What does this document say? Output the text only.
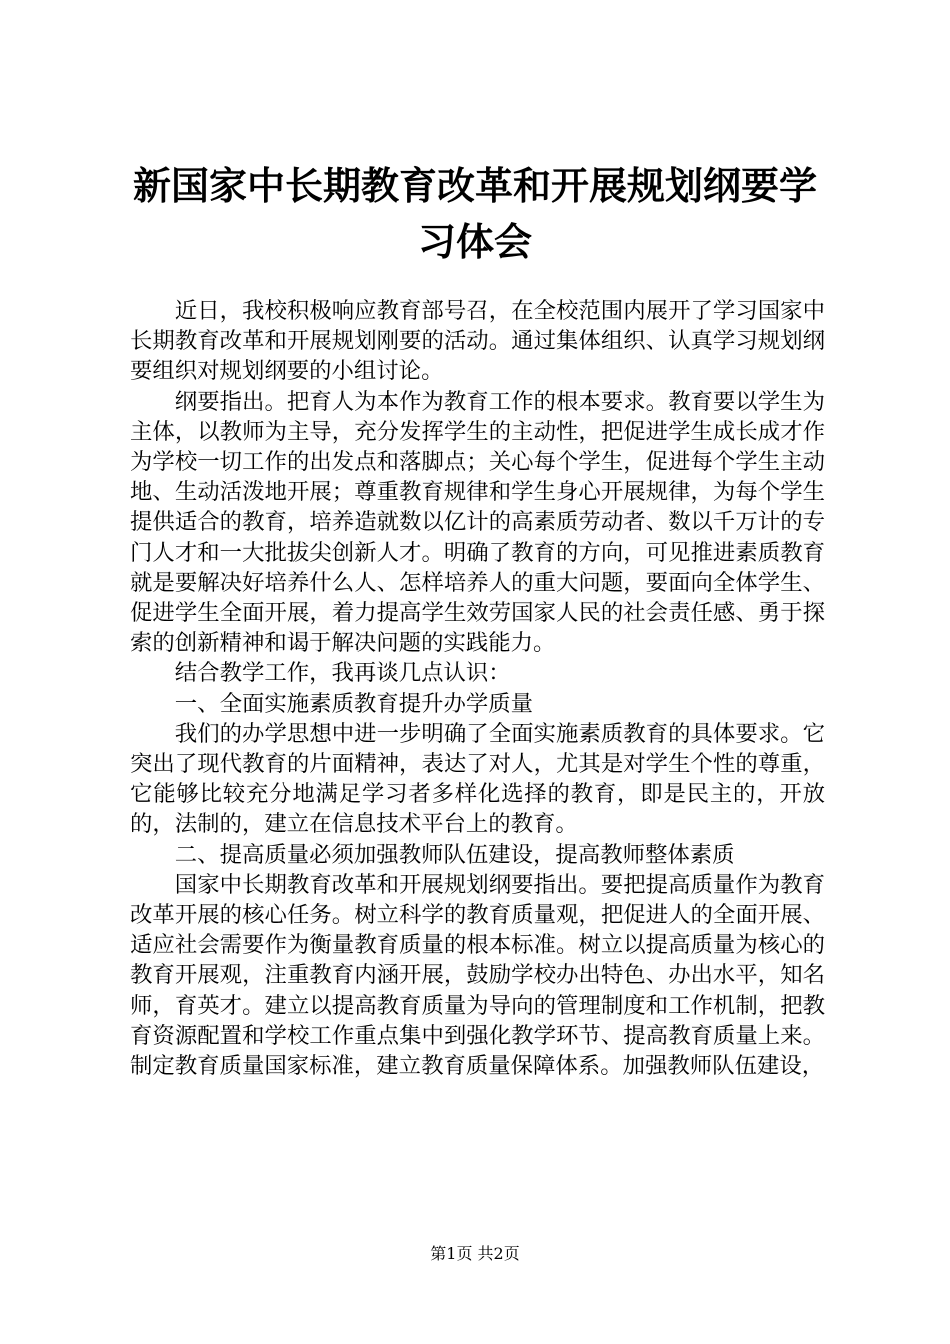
新国家中长期教育改革和开展规划纲要学习体会

近日，我校积极响应教育部号召，在全校范围内展开了学习国家中长期教育改革和开展规划刚要的活动。通过集体组织、认真学习规划纲要组织对规划纲要的小组讨论。

纲要指出。把育人为本作为教育工作的根本要求。教育要以学生为主体，以教师为主导，充分发挥学生的主动性，把促进学生成长成才作为学校一切工作的出发点和落脚点；关心每个学生，促进每个学生主动地、生动活泼地开展；尊重教育规律和学生身心开展规律，为每个学生提供适合的教育，培养造就数以亿计的高素质劳动者、数以千万计的专门人才和一大批拔尖创新人才。明确了教育的方向，可见推进素质教育就是要解决好培养什么人、怎样培养人的重大问题，要面向全体学生、促进学生全面开展，着力提高学生效劳国家人民的社会责任感、勇于探索的创新精神和谒于解决问题的实践能力。

结合教学工作，我再谈几点认识：

一、全面实施素质教育提升办学质量

我们的办学思想中进一步明确了全面实施素质教育的具体要求。它突出了现代教育的片面精神，表达了对人，尤其是对学生个性的尊重，它能够比较充分地满足学习者多样化选择的教育，即是民主的，开放的，法制的，建立在信息技术平台上的教育。

二、提高质量必须加强教师队伍建设，提高教师整体素质

国家中长期教育改革和开展规划纲要指出。要把提高质量作为教育改革开展的核心任务。树立科学的教育质量观，把促进人的全面开展、适应社会需要作为衡量教育质量的根本标准。树立以提高质量为核心的教育开展观，注重教育内涵开展，鼓励学校办出特色、办出水平，知名师，育英才。建立以提高教育质量为导向的管理制度和工作机制，把教育资源配置和学校工作重点集中到强化教学环节、提高教育质量上来。制定教育质量国家标准，建立教育质量保障体系。加强教师队伍建设，

第1页 共2页
